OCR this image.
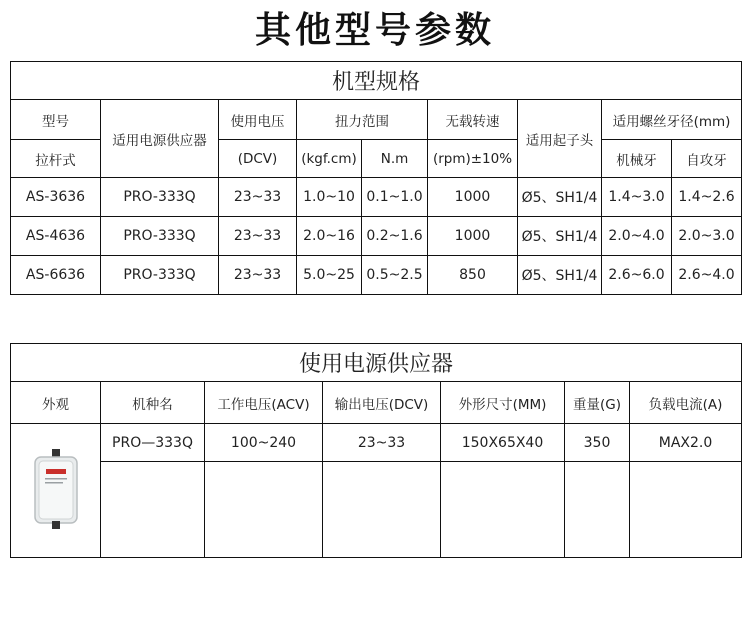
其他型号参数
机型规格								
型号	适用电源供应器	使用电压	扭力范围		无载转速	适用起子头	适用螺丝牙径(mm)	
拉杆式		(DCV)	(kgf.cm)	N.m	(rpm)±10%		机械牙	自攻牙
AS-3636	PRO-333Q	23~33	1.0~10	0.1~1.0	1000	Ø5、SH1/4	1.4~3.0	1.4~2.6
AS-4636	PRO-333Q	23~33	2.0~16	0.2~1.6	1000	Ø5、SH1/4	2.0~4.0	2.0~3.0
AS-6636	PRO-333Q	23~33	5.0~25	0.5~2.5	850	Ø5、SH1/4	2.6~6.0	2.6~4.0
使用电源供应器						
外观	机种名	工作电压(ACV)	输出电压(DCV)	外形尺寸(MM)	重量(G)	负载电流(A)
	PRO—333Q	100~240	23~33	150X65X40	350	MAX2.0
